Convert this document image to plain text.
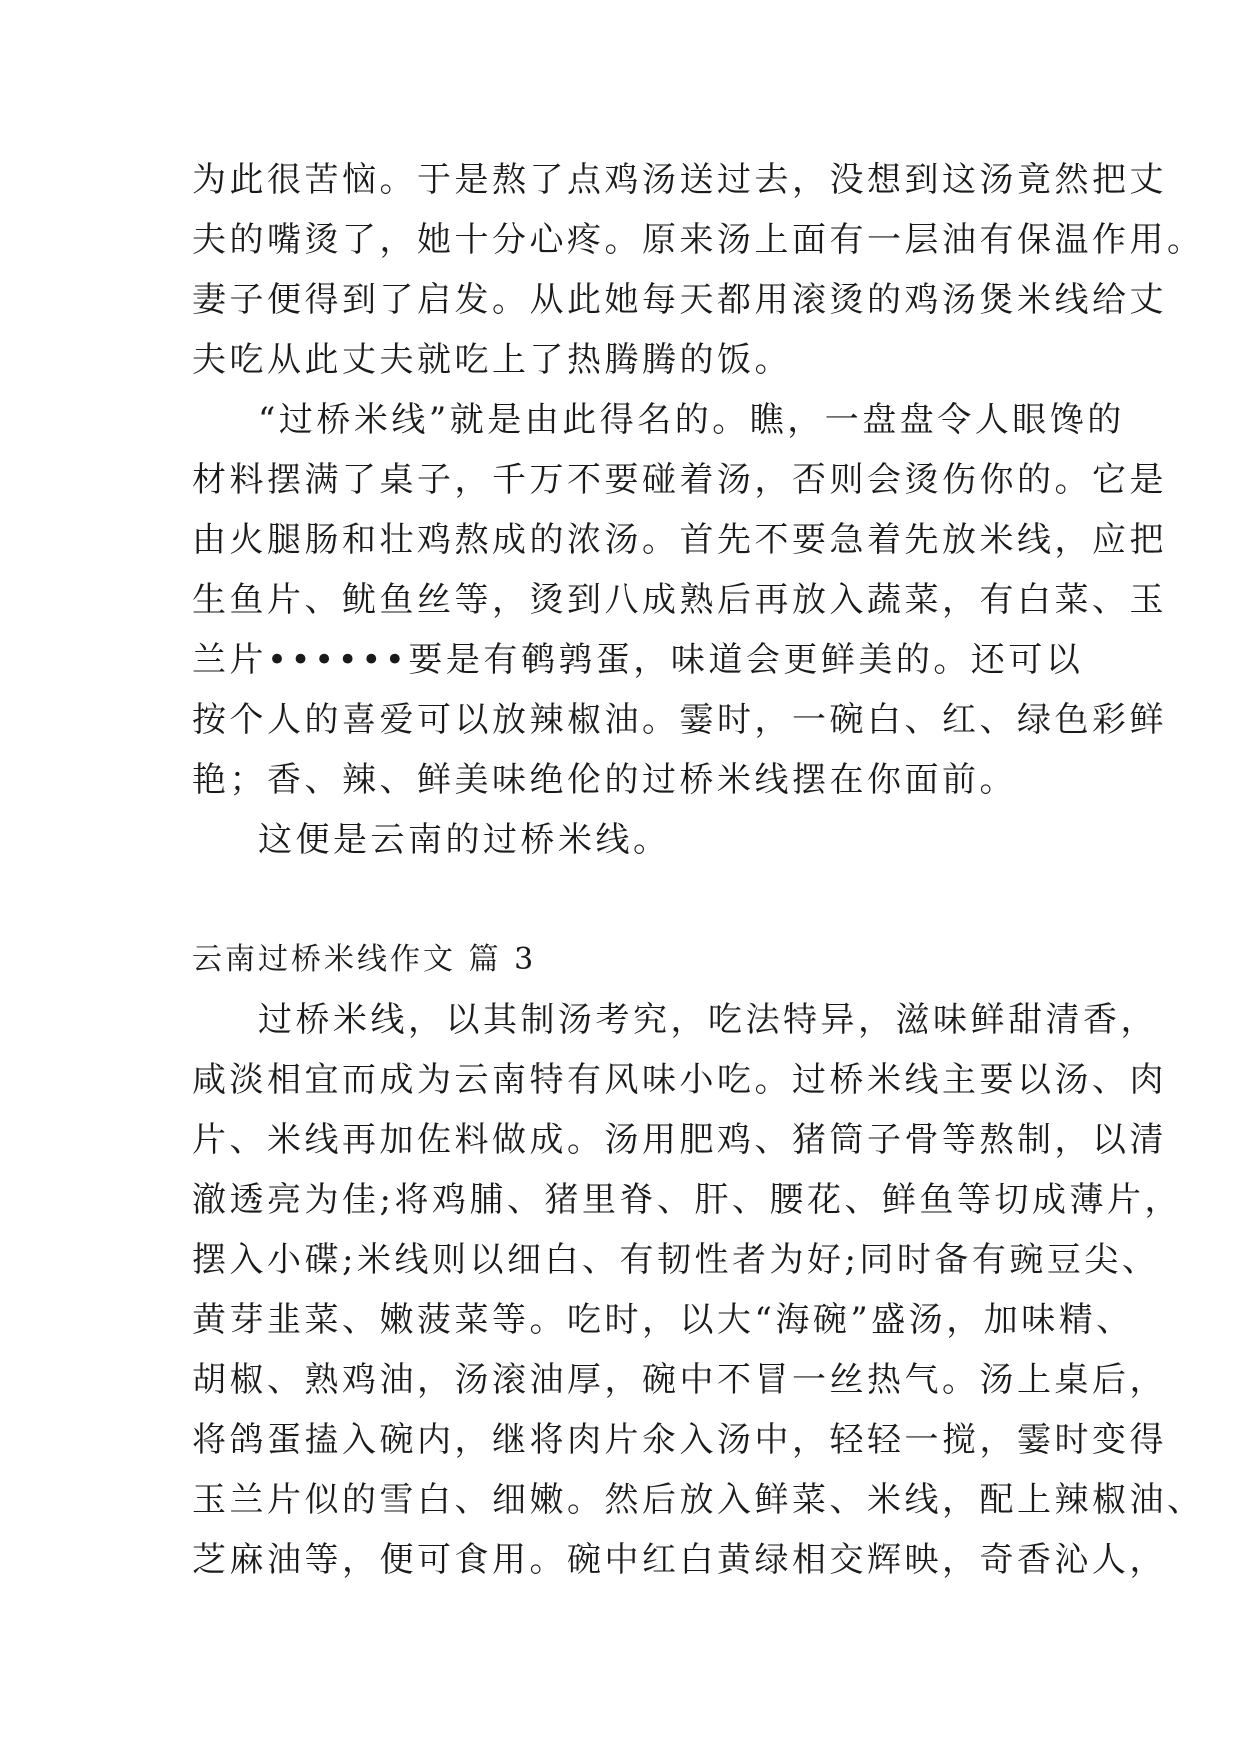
为此很苦恼。于是熬了点鸡汤送过去，没想到这汤竟然把丈
夫的嘴烫了，她十分心疼。原来汤上面有一层油有保温作用。
妻子便得到了启发。从此她每天都用滚烫的鸡汤煲米线给丈
夫吃从此丈夫就吃上了热腾腾的饭。
“过桥米线”就是由此得名的。瞧，一盘盘令人眼馋的
材料摆满了桌子，千万不要碰着汤，否则会烫伤你的。它是
由火腿肠和壮鸡熬成的浓汤。首先不要急着先放米线，应把
生鱼片、鱿鱼丝等，烫到八成熟后再放入蔬菜，有白菜、玉
兰片••••••要是有鹌鹑蛋，味道会更鲜美的。还可以
按个人的喜爱可以放辣椒油。霎时，一碗白、红、绿色彩鲜
艳；香、辣、鲜美味绝伦的过桥米线摆在你面前。
这便是云南的过桥米线。
云南过桥米线作文 篇 3
过桥米线，以其制汤考究，吃法特异，滋味鲜甜清香，
咸淡相宜而成为云南特有风味小吃。过桥米线主要以汤、肉
片、米线再加佐料做成。汤用肥鸡、猪筒子骨等熬制，以清
澈透亮为佳;将鸡脯、猪里脊、肝、腰花、鲜鱼等切成薄片，
摆入小碟;米线则以细白、有韧性者为好;同时备有豌豆尖、
黄芽韭菜、嫩菠菜等。吃时，以大“海碗”盛汤，加味精、
胡椒、熟鸡油，汤滚油厚，碗中不冒一丝热气。汤上桌后，
将鸽蛋搕入碗内，继将肉片氽入汤中，轻轻一搅，霎时变得
玉兰片似的雪白、细嫩。然后放入鲜菜、米线，配上辣椒油、
芝麻油等，便可食用。碗中红白黄绿相交辉映，奇香沁人，
